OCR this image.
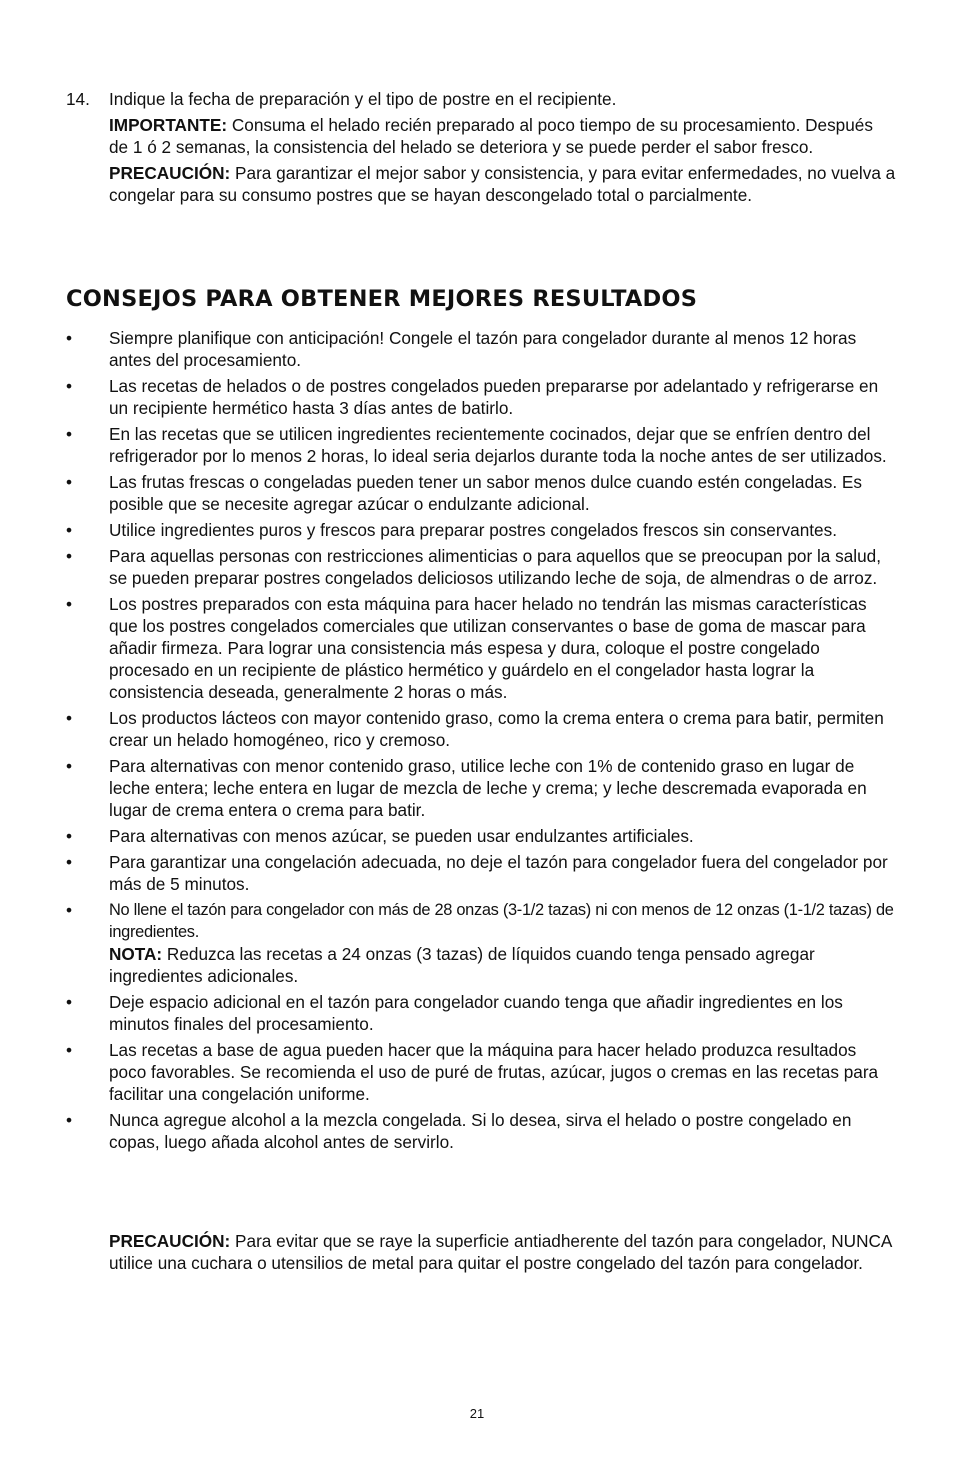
14. Indique la fecha de preparación y el tipo de postre en el recipiente.

IMPORTANTE: Consuma el helado recién preparado al poco tiempo de su procesamiento. Después de 1 ó 2 semanas, la consistencia del helado se deteriora y se puede perder el sabor fresco.

PRECAUCIÓN: Para garantizar el mejor sabor y consistencia, y para evitar enfermedades, no vuelva a congelar para su consumo postres que se hayan descongelado total o parcialmente.

CONSEJOS PARA OBTENER MEJORES RESULTADOS
• Siempre planifique con anticipación! Congele el tazón para congelador durante al menos 12 horas antes del procesamiento.

• Las recetas de helados o de postres congelados pueden prepararse por adelantado y refrigerarse en un recipiente hermético hasta 3 días antes de batirlo.

• En las recetas que se utilicen ingredientes recientemente cocinados, dejar que se enfríen dentro del refrigerador por lo menos 2 horas, lo ideal seria dejarlos durante toda la noche antes de ser utilizados.

• Las frutas frescas o congeladas pueden tener un sabor menos dulce cuando estén congeladas. Es posible que se necesite agregar azúcar o endulzante adicional.

• Utilice ingredientes puros y frescos para preparar postres congelados frescos sin conservantes.

• Para aquellas personas con restricciones alimenticias o para aquellos que se preocupan por la salud, se pueden preparar postres congelados deliciosos utilizando leche de soja, de almendras o de arroz.

• Los postres preparados con esta máquina para hacer helado no tendrán las mismas características que los postres congelados comerciales que utilizan conservantes o base de goma de mascar para añadir firmeza. Para lograr una consistencia más espesa y dura, coloque el postre congelado procesado en un recipiente de plástico hermético y guárdelo en el congelador hasta lograr la consistencia deseada, generalmente 2 horas o más.

• Los productos lácteos con mayor contenido graso, como la crema entera o crema para batir, permiten crear un helado homogéneo, rico y cremoso.

• Para alternativas con menor contenido graso, utilice leche con 1% de contenido graso en lugar de leche entera; leche entera en lugar de mezcla de leche y crema; y leche descremada evaporada en lugar de crema entera o crema para batir.

• Para alternativas con menos azúcar, se pueden usar endulzantes artificiales.

• Para garantizar una congelación adecuada, no deje el tazón para congelador fuera del congelador por más de 5 minutos.

• No llene el tazón para congelador con más de 28 onzas (3-1/2 tazas) ni con menos de 12 onzas (1-1/2 tazas) de ingredientes.

NOTA: Reduzca las recetas a 24 onzas (3 tazas) de líquidos cuando tenga pensado agregar ingredientes adicionales.

• Deje espacio adicional en el tazón para congelador cuando tenga que añadir ingredientes en los minutos finales del procesamiento.

• Las recetas a base de agua pueden hacer que la máquina para hacer helado produzca resultados poco favorables. Se recomienda el uso de puré de frutas, azúcar, jugos o cremas en las recetas para facilitar una congelación uniforme.

• Nunca agregue alcohol a la mezcla congelada. Si lo desea, sirva el helado o postre congelado en copas, luego añada alcohol antes de servirlo.

PRECAUCIÓN: Para evitar que se raye la superficie antiadherente del tazón para congelador, NUNCA utilice una cuchara o utensilios de metal para quitar el postre congelado del tazón para congelador.

21
